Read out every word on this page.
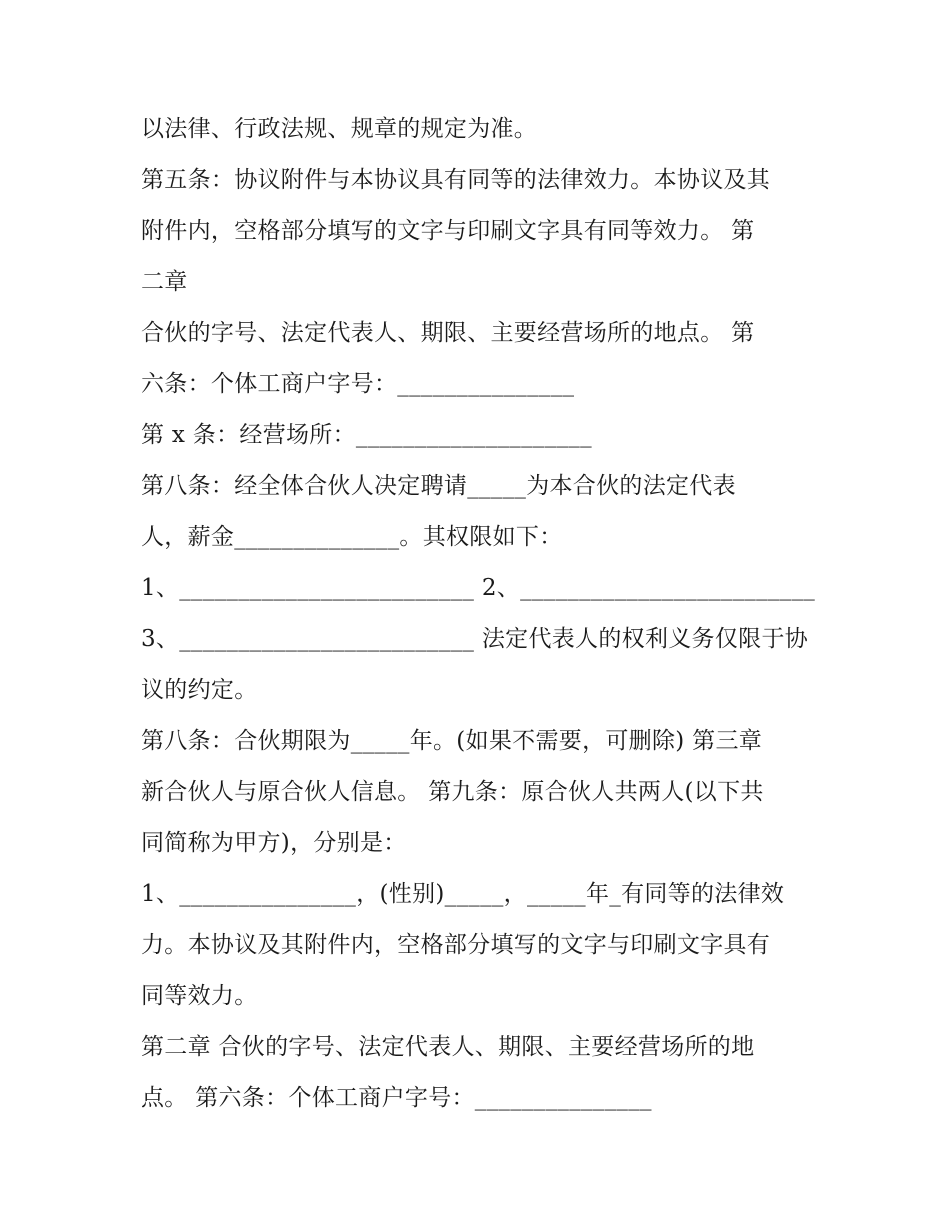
以法律、行政法规、规章的规定为准。
第五条：协议附件与本协议具有同等的法律效力。本协议及其
附件内，空格部分填写的文字与印刷文字具有同等效力。 第
二章
合伙的字号、法定代表人、期限、主要经营场所的地点。 第
六条：个体工商户字号：_______________
第 x 条：经营场所：____________________
第八条：经全体合伙人决定聘请_____为本合伙的法定代表
人，薪金______________。其权限如下：
1、_________________________ 2、_________________________
3、_________________________ 法定代表人的权利义务仅限于协
议的约定。
第八条：合伙期限为_____年。(如果不需要，可删除) 第三章
新合伙人与原合伙人信息。 第九条：原合伙人共两人(以下共
同简称为甲方)，分别是：
1、_______________，(性别)_____，_____年_有同等的法律效
力。本协议及其附件内，空格部分填写的文字与印刷文字具有
同等效力。
第二章 合伙的字号、法定代表人、期限、主要经营场所的地
点。 第六条：个体工商户字号：_______________
